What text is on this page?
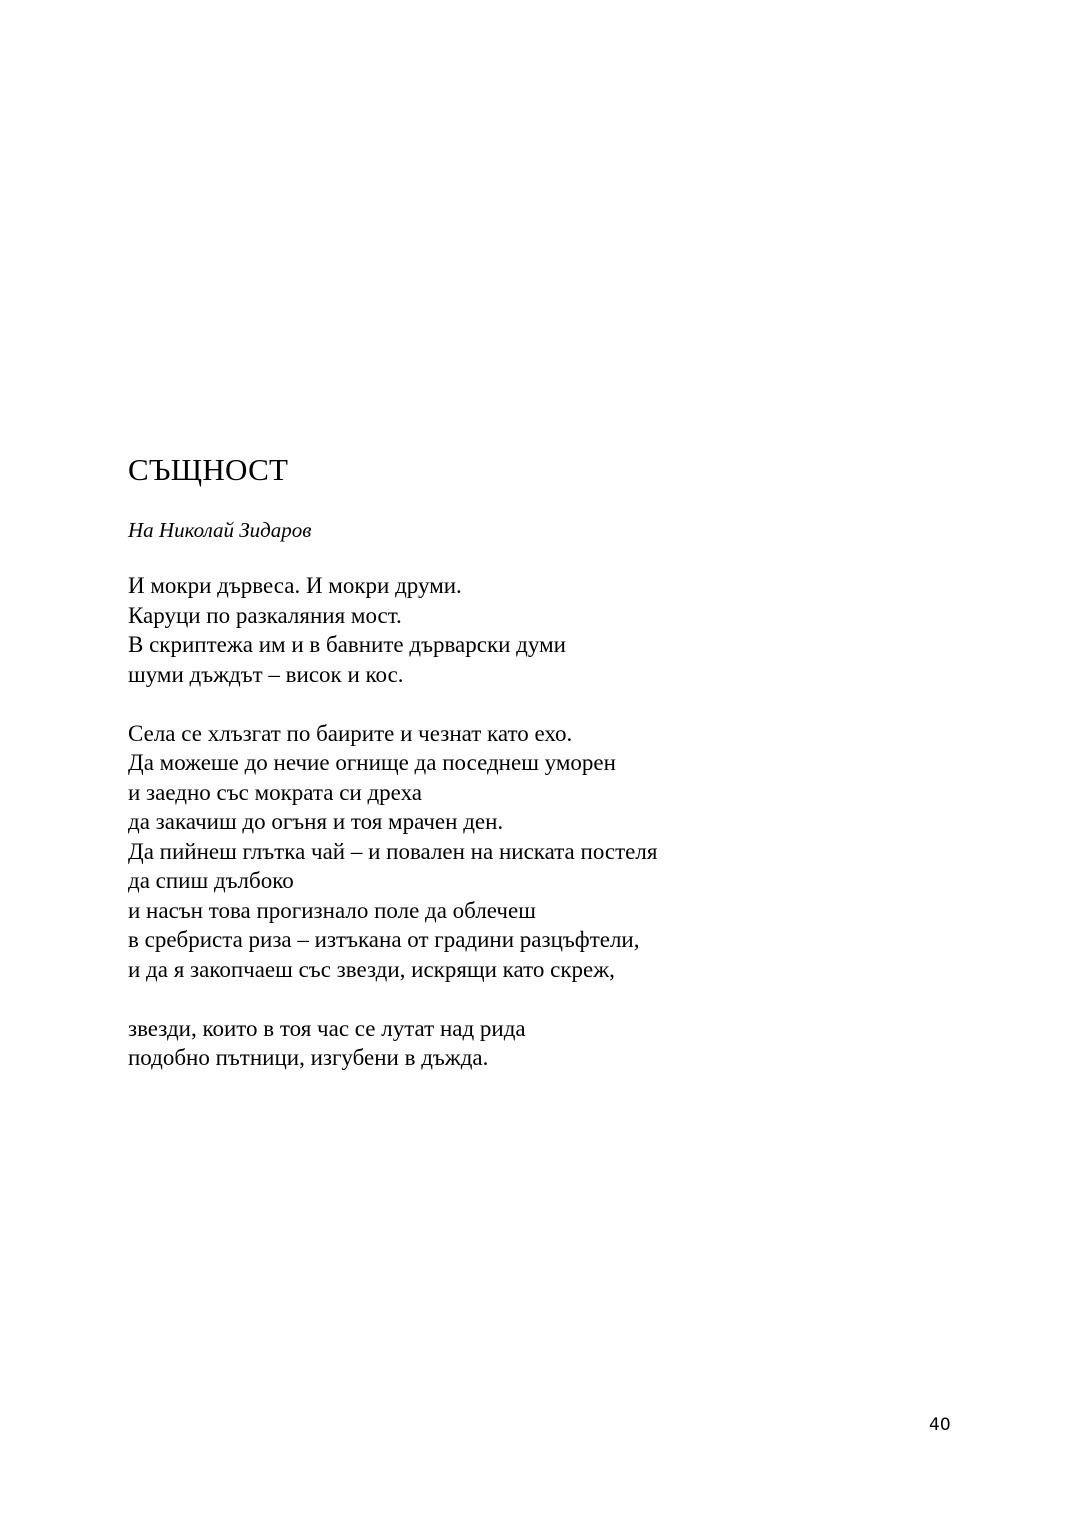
СЪЩНОСТ

На Николай Зидаров

И мокри дървеса. И мокри друми.
Каруци по разкаляния мост.
В скриптежа им и в бавните дърварски думи
шуми дъждът – висок и кос.

Села се хлъзгат по баирите и чезнат като ехо.
Да можеше до нечие огнище да поседнеш уморен
и заедно със мократа си дреха
да закачиш до огъня и тоя мрачен ден.
Да пийнеш глътка чай – и повален на ниската постеля
да спиш дълбоко
и насън това прогизнало поле да облечеш
в сребриста риза – изтъкана от градини разцъфтели,
и да я закопчаеш със звезди, искрящи като скреж,

звезди, които в тоя час се лутат над рида
подобно пътници, изгубени в дъжда.

40
